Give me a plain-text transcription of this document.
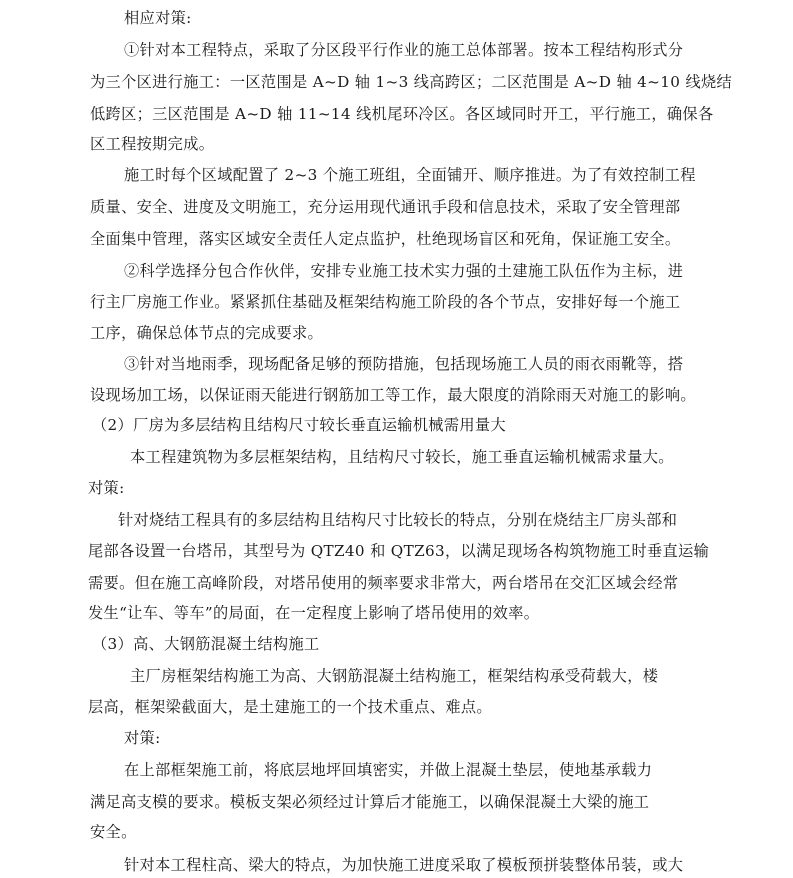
相应对策:
①针对本工程特点，采取了分区段平行作业的施工总体部署。按本工程结构形式分
为三个区进行施工：一区范围是 A~D 轴 1~3 线高跨区；二区范围是 A~D 轴 4~10 线烧结
低跨区；三区范围是 A~D 轴 11~14 线机尾环冷区。各区域同时开工，平行施工，确保各
区工程按期完成。
施工时每个区域配置了 2~3 个施工班组，全面铺开、顺序推进。为了有效控制工程
质量、安全、进度及文明施工，充分运用现代通讯手段和信息技术，采取了安全管理部
全面集中管理，落实区域安全责任人定点监护，杜绝现场盲区和死角，保证施工安全。
②科学选择分包合作伙伴，安排专业施工技术实力强的土建施工队伍作为主标，进
行主厂房施工作业。紧紧抓住基础及框架结构施工阶段的各个节点，安排好每一个施工
工序，确保总体节点的完成要求。
③针对当地雨季，现场配备足够的预防措施，包括现场施工人员的雨衣雨靴等，搭
设现场加工场，以保证雨天能进行钢筋加工等工作，最大限度的消除雨天对施工的影响。
（2）厂房为多层结构且结构尺寸较长垂直运输机械需用量大
本工程建筑物为多层框架结构，且结构尺寸较长，施工垂直运输机械需求量大。
对策:
针对烧结工程具有的多层结构且结构尺寸比较长的特点，分别在烧结主厂房头部和
尾部各设置一台塔吊，其型号为 QTZ40 和 QTZ63，以满足现场各构筑物施工时垂直运输
需要。但在施工高峰阶段，对塔吊使用的频率要求非常大，两台塔吊在交汇区域会经常
发生“让车、等车”的局面，在一定程度上影响了塔吊使用的效率。
（3）高、大钢筋混凝土结构施工
主厂房框架结构施工为高、大钢筋混凝土结构施工，框架结构承受荷载大，楼
层高，框架梁截面大，是土建施工的一个技术重点、难点。
对策:
在上部框架施工前，将底层地坪回填密实，并做上混凝土垫层，使地基承载力
满足高支模的要求。模板支架必须经过计算后才能施工，以确保混凝土大梁的施工
安全。
针对本工程柱高、梁大的特点，为加快施工进度采取了模板预拼装整体吊装，或大
